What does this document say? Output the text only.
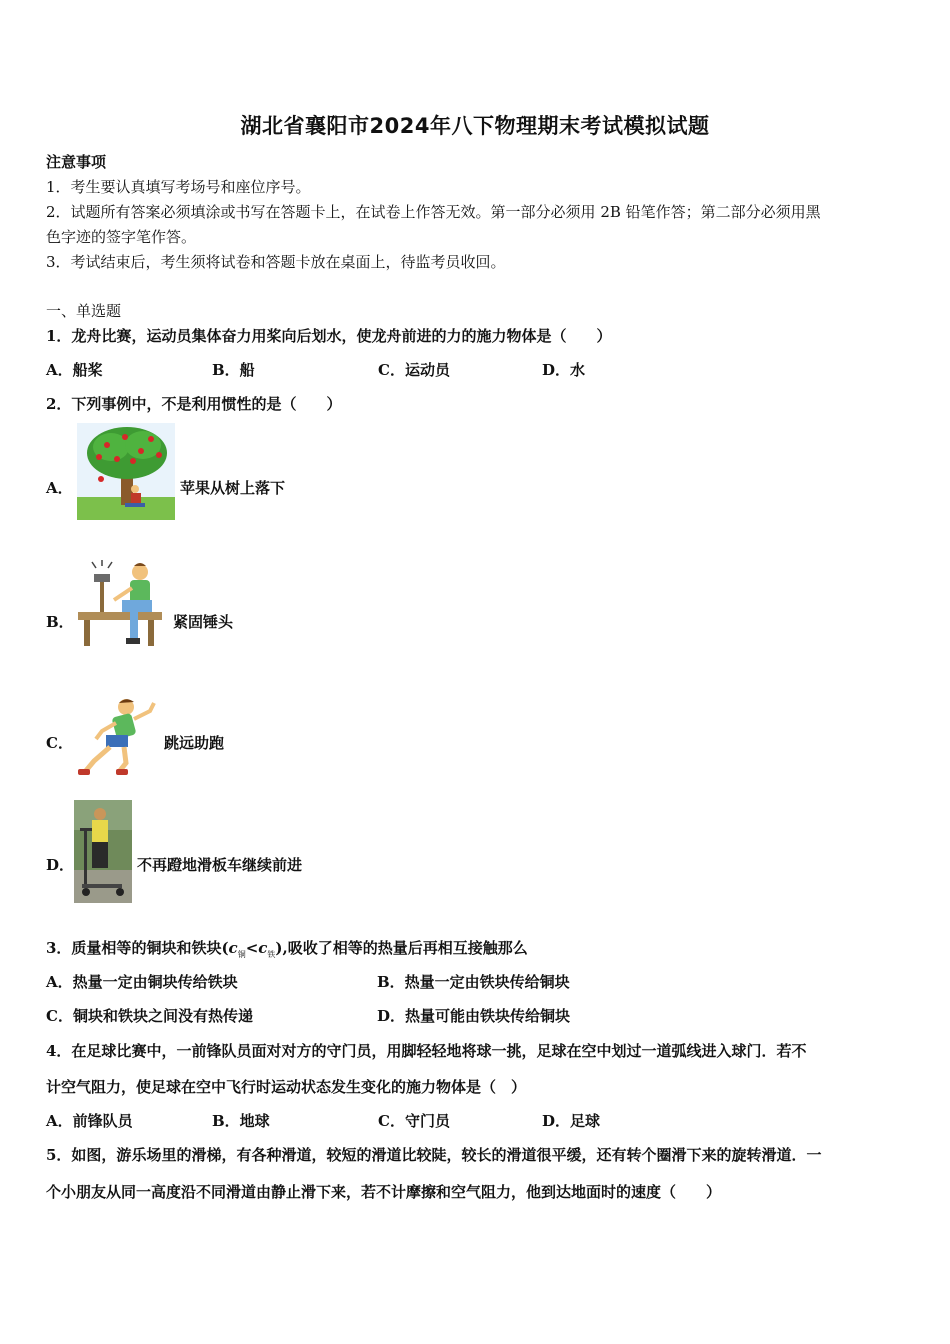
湖北省襄阳市2024年八下物理期末考试模拟试题
注意事项
1．考生要认真填写考场号和座位序号。
2．试题所有答案必须填涂或书写在答题卡上，在试卷上作答无效。第一部分必须用 2B 铅笔作答；第二部分必须用黑
色字迹的签字笔作答。
3．考试结束后，考生须将试卷和答题卡放在桌面上，待监考员收回。
一、单选题
1．龙舟比赛，运动员集体奋力用桨向后划水，使龙舟前进的力的施力物体是（　　）
A．船桨	B．船	C．运动员	D．水
2．下列事例中，不是利用惯性的是（　　）
A．	苹果从树上落下
B．	紧固锤头
C．	跳远助跑
D．	不再蹬地滑板车继续前进
3．质量相等的铜块和铁块$(c_铜<c_铁)$,吸收了相等的热量后再相互接触那么
A．热量一定由铜块传给铁块	B．热量一定由铁块传给铜块
C．铜块和铁块之间没有热传递	D．热量可能由铁块传给铜块
4．在足球比赛中，一前锋队员面对对方的守门员，用脚轻轻地将球一挑，足球在空中划过一道弧线进入球门．若不
计空气阻力，使足球在空中飞行时运动状态发生变化的施力物体是（　）
A．前锋队员	B．地球	C．守门员	D．足球
5．如图，游乐场里的滑梯，有各种滑道，较短的滑道比较陡，较长的滑道很平缓，还有转个圈滑下来的旋转滑道．一
个小朋友从同一高度沿不同滑道由静止滑下来，若不计摩擦和空气阻力，他到达地面时的速度（　　）
